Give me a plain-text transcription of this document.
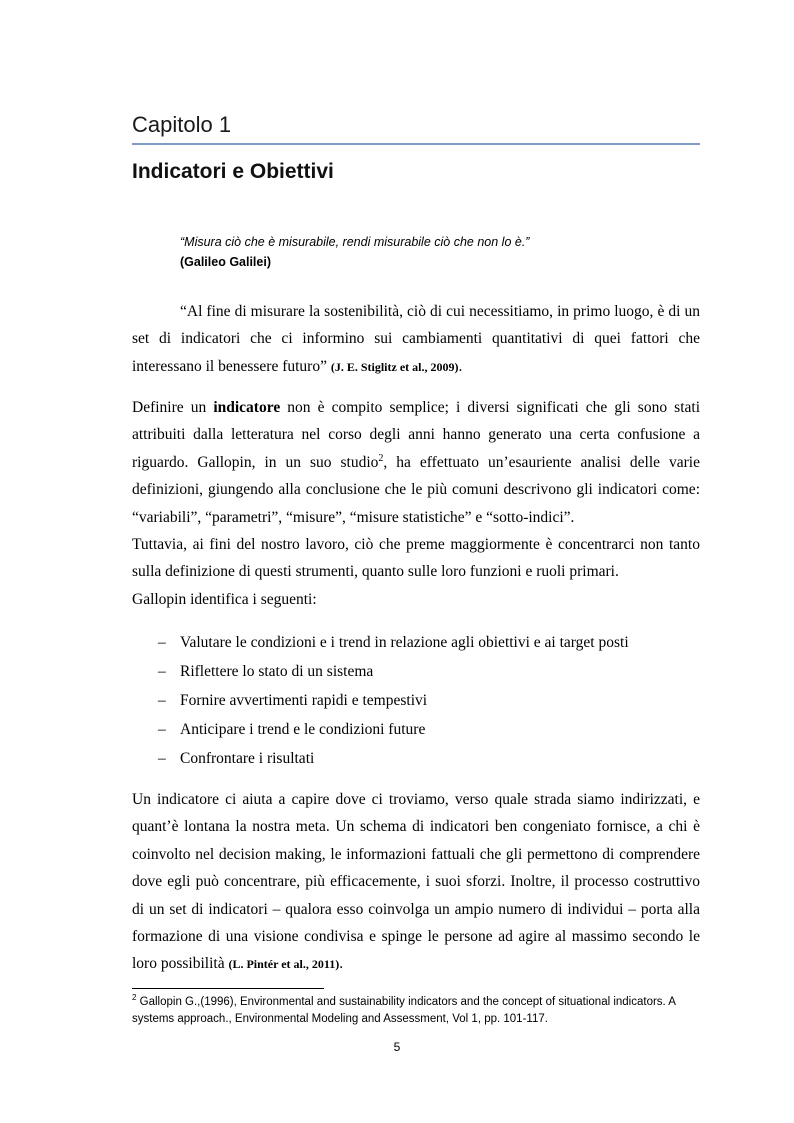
Capitolo 1
Indicatori e Obiettivi
“Misura ciò che è misurabile, rendi misurabile ciò che non lo è.”
(Galileo Galilei)

“Al fine di misurare la sostenibilità, ciò di cui necessitiamo, in primo luogo, è di un set di indicatori che ci informino sui cambiamenti quantitativi di quei fattori che interessano il benessere futuro” (J. E. Stiglitz et al., 2009).

Definire un indicatore non è compito semplice; i diversi significati che gli sono stati attribuiti dalla letteratura nel corso degli anni hanno generato una certa confusione a riguardo. Gallopin, in un suo studio$^2$, ha effettuato un’esauriente analisi delle varie definizioni, giungendo alla conclusione che le più comuni descrivono gli indicatori come: “variabili”, “parametri”, “misure”, “misure statistiche” e “sotto-indici”.
Tuttavia, ai fini del nostro lavoro, ciò che preme maggiormente è concentrarci non tanto sulla definizione di questi strumenti, quanto sulle loro funzioni e ruoli primari.
Gallopin identifica i seguenti:
– Valutare le condizioni e i trend in relazione agli obiettivi e ai target posti
– Riflettere lo stato di un sistema
– Fornire avvertimenti rapidi e tempestivi
– Anticipare i trend e le condizioni future
– Confrontare i risultati

Un indicatore ci aiuta a capire dove ci troviamo, verso quale strada siamo indirizzati, e quant’è lontana la nostra meta. Un schema di indicatori ben congeniato fornisce, a chi è coinvolto nel decision making, le informazioni fattuali che gli permettono di comprendere dove egli può concentrare, più efficacemente, i suoi sforzi. Inoltre, il processo costruttivo di un set di indicatori – qualora esso coinvolga un ampio numero di individui – porta alla formazione di una visione condivisa e spinge le persone ad agire al massimo secondo le loro possibilità (L. Pintér et al., 2011).

$^2$ Gallopin G.,(1996), Environmental and sustainability indicators and the concept of situational indicators. A systems approach., Environmental Modeling and Assessment, Vol 1, pp. 101-117.
5
